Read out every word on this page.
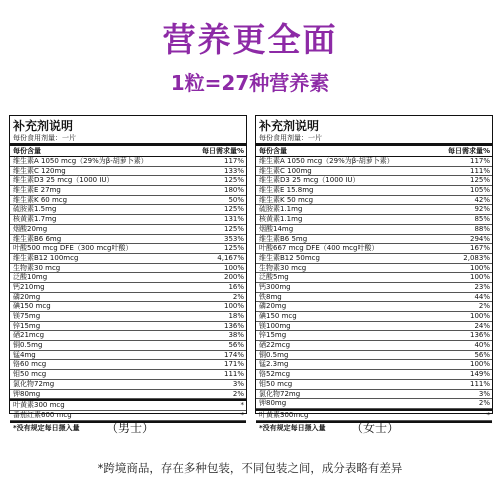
营养更全面
1粒=27种营养素
补充剂说明
每份食用剂量：一片
每份含量	每日需求量%
维生素A 1050 mcg（29%为β-胡萝卜素）	117%
维生素C 120mg	133%
维生素D3 25 mcg（1000 IU）	125%
维生素E 27mg	180%
维生素K 60 mcg	50%
硫胺素1.5mg	125%
核黄素1.7mg	131%
烟酸20mg	125%
维生素B6 6mg	353%
叶酸500 mcg DFE（300 mcg叶酸）	125%
维生素B12 100mcg	4,167%
生物素30 mcg	100%
泛酸10mg	200%
钙210mg	16%
磷20mg	2%
碘150 mcg	100%
镁75mg	18%
锌15mg	136%
硒21mcg	38%
铜0.5mg	56%
锰4mg	174%
铬60 mcg	171%
钼50 mcg	111%
氯化物72mg	3%
钾80mg	2%
叶黄素300 mcg	*
番茄红素600 mcg	*
*没有规定每日摄入量
补充剂说明
每份食用剂量：一片
每份含量	每日需求量%
维生素A 1050 mcg（29%为β-胡萝卜素）	117%
维生素C 100mg	111%
维生素D3 25 mcg（1000 IU）	125%
维生素E 15.8mg	105%
维生素K 50 mcg	42%
硫胺素1.1mg	92%
核黄素1.1mg	85%
烟酸14mg	88%
维生素B6 5mg	294%
叶酸667 mcg DFE（400 mcg叶酸）	167%
维生素B12 50mcg	2,083%
生物素30 mcg	100%
泛酸5mg	100%
钙300mg	23%
铁8mg	44%
磷20mg	2%
碘150 mcg	100%
镁100mg	24%
锌15mg	136%
硒22mcg	40%
铜0.5mg	56%
锰2.3mg	100%
铬52mcg	149%
钼50 mcg	111%
氯化物72mg	3%
钾80mg	2%
叶黄素300mcg	*
*没有规定每日摄入量
（男士）	（女士）
*跨境商品，存在多种包装，不同包装之间，成分表略有差异
